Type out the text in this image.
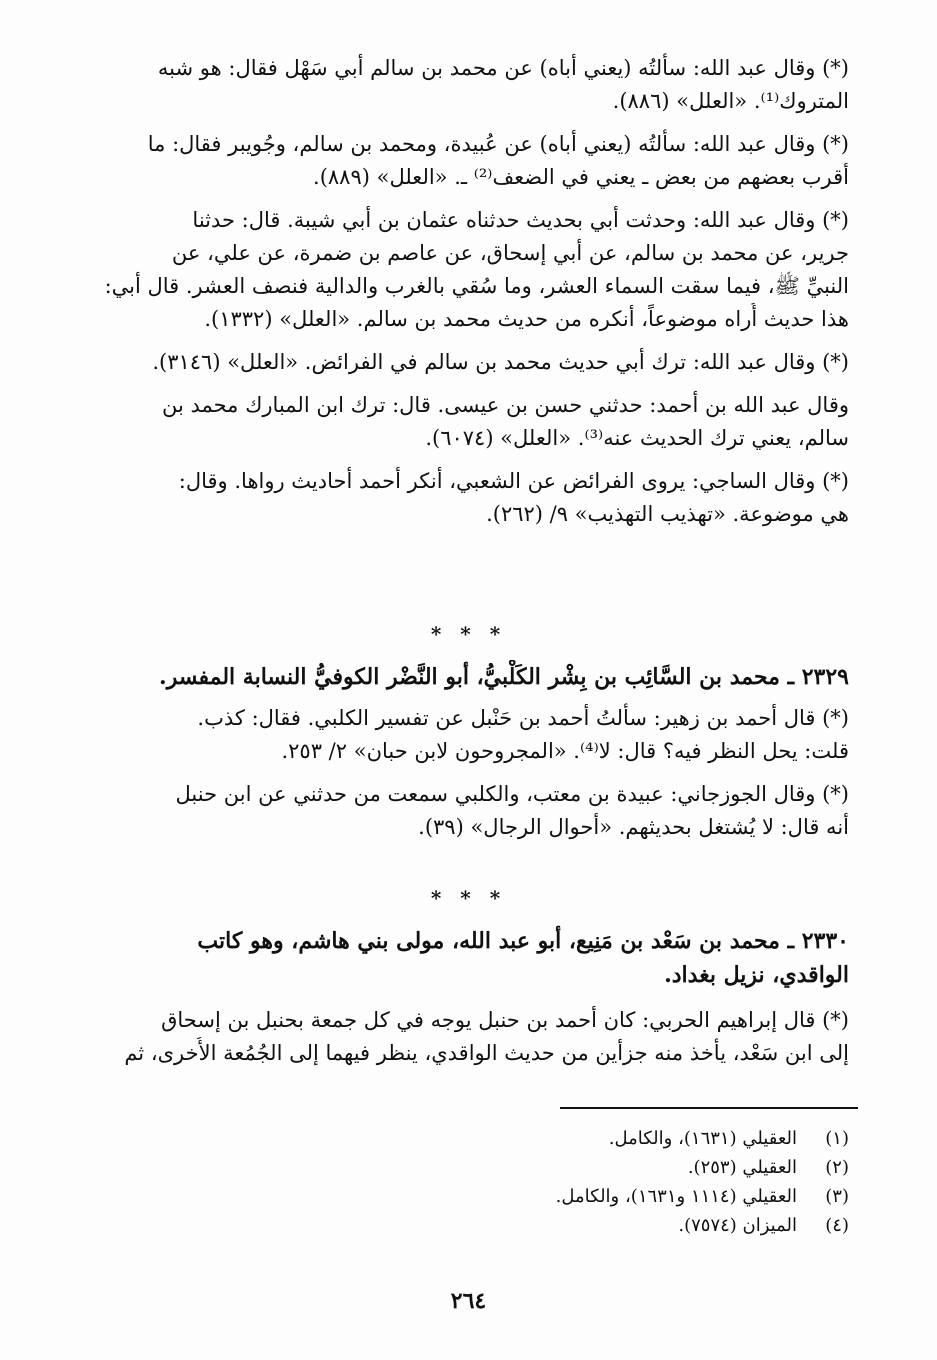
(*) وقال عبد الله: سألتُه (يعني أباه) عن محمد بن سالم أبي سَهْل فقال: هو شبه
المتروك⁽¹⁾. «العلل» (٨٨٦).

(*) وقال عبد الله: سألتُه (يعني أباه) عن عُبيدة، ومحمد بن سالم، وجُويبر فقال: ما
أقرب بعضهم من بعض ـ يعني في الضعف⁽²⁾ ـ. «العلل» (٨٨٩).

(*) وقال عبد الله: وحدثت أبي بحديث حدثناه عثمان بن أبي شيبة. قال: حدثنا
جرير، عن محمد بن سالم، عن أبي إسحاق، عن عاصم بن ضمرة، عن علي، عن
النبيِّ ﷺ، فيما سقت السماء العشر، وما سُقي بالغرب والدالية فنصف العشر. قال أبي:
هذا حديث أُراه موضوعاً، أنكره من حديث محمد بن سالم. «العلل» (١٣٣٢).

(*) وقال عبد الله: ترك أبي حديث محمد بن سالم في الفرائض. «العلل» (٣١٤٦).

وقال عبد الله بن أحمد: حدثني حسن بن عيسى. قال: ترك ابن المبارك محمد بن
سالم، يعني ترك الحديث عنه⁽³⁾. «العلل» (٦٠٧٤).

(*) وقال الساجي: يروى الفرائض عن الشعبي، أنكر أحمد أحاديث رواها. وقال:
هي موضوعة. «تهذيب التهذيب» ٩/ (٢٦٢).

* * *

٢٣٢٩ ـ محمد بن السَّائِب بن بِشْر الكَلْبيُّ، أبو النَّضْر الكوفيُّ النسابة المفسر.

(*) قال أحمد بن زهير: سألتُ أحمد بن حَنْبل عن تفسير الكلبي. فقال: كذب.
قلت: يحل النظر فيه؟ قال: لا⁽⁴⁾. «المجروحون لابن حبان» ٢/ ٢٥٣.

(*) وقال الجوزجاني: عبيدة بن معتب، والكلبي سمعت من حدثني عن ابن حنبل
أنه قال: لا يُشتغل بحديثهم. «أحوال الرجال» (٣٩).

* * *

٢٣٣٠ ـ محمد بن سَعْد بن مَنِيع، أبو عبد الله، مولى بني هاشم، وهو كاتب
الواقدي، نزيل بغداد.

(*) قال إبراهيم الحربي: كان أحمد بن حنبل يوجه في كل جمعة بحنبل بن إسحاق
إلى ابن سَعْد، يأخذ منه جزأين من حديث الواقدي، ينظر فيهما إلى الجُمُعة الأُخرى، ثم

(١)
العقيلي (١٦٣١)، والكامل.
(٢)
العقيلي (٢٥٣).
(٣)
العقيلي (١١١٤ و١٦٣١)، والكامل.
(٤)
الميزان (٧٥٧٤).
٢٦٤
